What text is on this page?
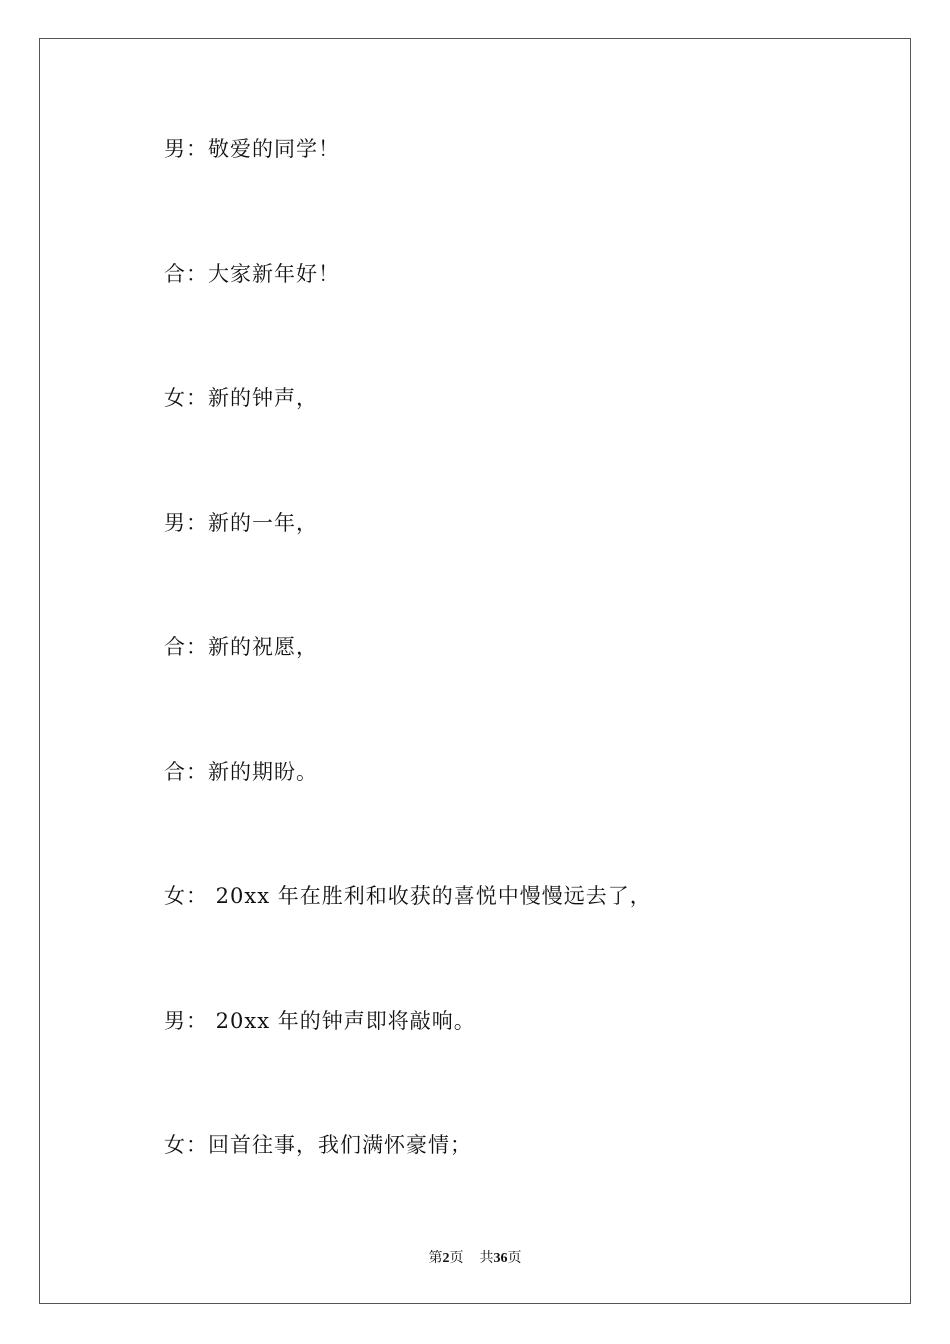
男：敬爱的同学！
合：大家新年好！
女：新的钟声，
男：新的一年，
合：新的祝愿，
合：新的期盼。
女： 20xx 年在胜利和收获的喜悦中慢慢远去了，
男： 20xx 年的钟声即将敲响。
女：回首往事，我们满怀豪情；
第2页 共36页
